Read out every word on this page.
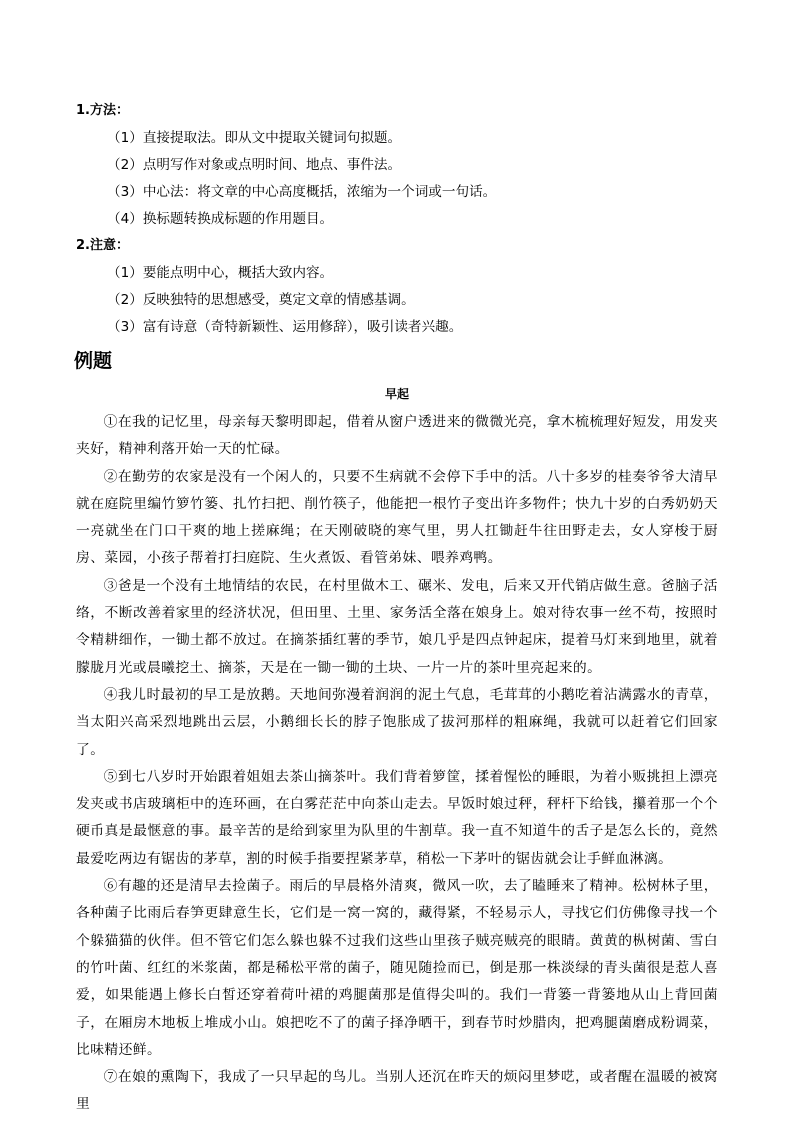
1.方法：
（1）直接提取法。即从文中提取关键词句拟题。
（2）点明写作对象或点明时间、地点、事件法。
（3）中心法：将文章的中心高度概括，浓缩为一个词或一句话。
（4）换标题转换成标题的作用题目。
2.注意：
（1）要能点明中心，概括大致内容。
（2）反映独特的思想感受，奠定文章的情感基调。
（3）富有诗意（奇特新颖性、运用修辞），吸引读者兴趣。
例题
早起

①在我的记忆里，母亲每天黎明即起，借着从窗户透进来的微微光亮，拿木梳梳理好短发，用发夹夹好，精神利落开始一天的忙碌。

②在勤劳的农家是没有一个闲人的，只要不生病就不会停下手中的活。八十多岁的桂奏爷爷大清早就在庭院里编竹箩竹篓、扎竹扫把、削竹筷子，他能把一根竹子变出许多物件；快九十岁的白秀奶奶天一亮就坐在门口干爽的地上搓麻绳；在天刚破晓的寒气里，男人扛锄赶牛往田野走去，女人穿梭于厨房、菜园，小孩子帮着打扫庭院、生火煮饭、看管弟妹、喂养鸡鸭。

③爸是一个没有土地情结的农民，在村里做木工、碾米、发电，后来又开代销店做生意。爸脑子活络，不断改善着家里的经济状况，但田里、土里、家务活全落在娘身上。娘对待农事一丝不苟，按照时令精耕细作，一锄土都不放过。在摘茶插红薯的季节，娘几乎是四点钟起床，提着马灯来到地里，就着朦胧月光或晨曦挖土、摘茶，天是在一锄一锄的土块、一片一片的茶叶里亮起来的。

④我儿时最初的早工是放鹅。天地间弥漫着润润的泥土气息，毛茸茸的小鹅吃着沾满露水的青草，当太阳兴高采烈地跳出云层，小鹅细长长的脖子饱胀成了拔河那样的粗麻绳，我就可以赶着它们回家了。

⑤到七八岁时开始跟着姐姐去茶山摘茶叶。我们背着箩筐，揉着惺忪的睡眼，为着小贩挑担上漂亮发夹或书店玻璃柜中的连环画，在白雾茫茫中向茶山走去。早饭时娘过秤，秤杆下给钱，攥着那一个个硬币真是最惬意的事。最辛苦的是给到家里为队里的牛割草。我一直不知道牛的舌子是怎么长的，竟然最爱吃两边有锯齿的茅草，割的时候手指要捏紧茅草，稍松一下茅叶的锯齿就会让手鲜血淋漓。

⑥有趣的还是清早去捡菌子。雨后的早晨格外清爽，微风一吹，去了瞌睡来了精神。松树林子里，各种菌子比雨后春笋更肆意生长，它们是一窝一窝的，藏得紧，不轻易示人，寻找它们仿佛像寻找一个个躲猫猫的伙伴。但不管它们怎么躲也躲不过我们这些山里孩子贼亮贼亮的眼睛。黄黄的枞树菌、雪白的竹叶菌、红红的米浆菌，都是稀松平常的菌子，随见随捡而已，倒是那一株淡绿的青头菌很是惹人喜爱，如果能遇上修长白皙还穿着荷叶裙的鸡腿菌那是值得尖叫的。我们一背篓一背篓地从山上背回菌子，在厢房木地板上堆成小山。娘把吃不了的菌子择净晒干，到春节时炒腊肉，把鸡腿菌磨成粉调菜，比味精还鲜。

⑦在娘的熏陶下，我成了一只早起的鸟儿。当别人还沉在昨天的烦闷里梦呓，或者醒在温暖的被窝里
